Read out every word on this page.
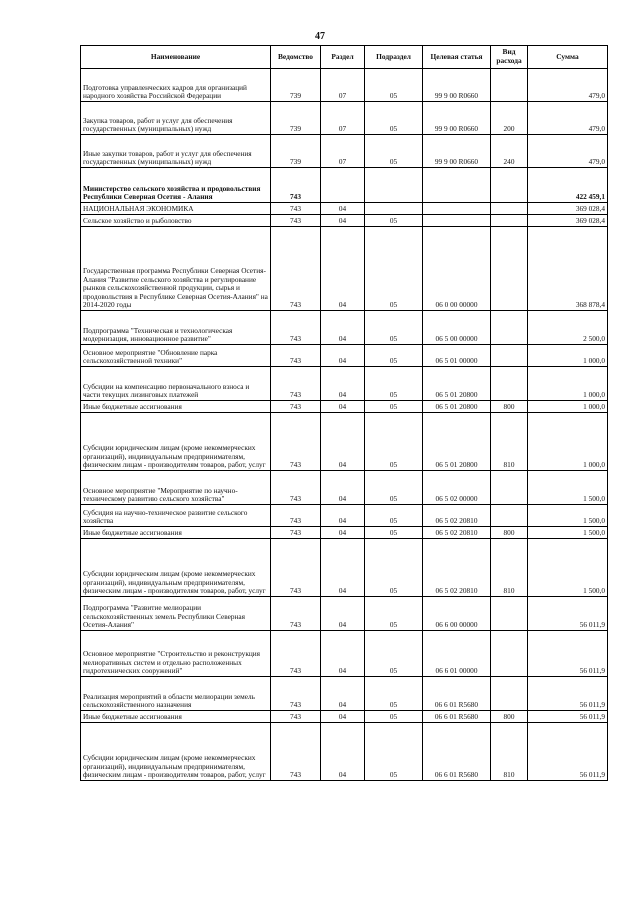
47
Наименование	Ведомство	Раздел	Подраздел	Целевая статья	Вид расхода	Сумма
Подготовка управленческих кадров для организаций народного хозяйства Российской Федерации	739	07	05	99 9 00 R0660		479,0
Закупка товаров, работ и услуг для обеспечения государственных (муниципальных) нужд	739	07	05	99 9 00 R0660	200	479,0
Иные закупки товаров, работ и услуг для обеспечения государственных (муниципальных) нужд	739	07	05	99 9 00 R0660	240	479,0
Министерство сельского хозяйства и продовольствия Республики Северная Осетия - Алания	743					422 459,1
НАЦИОНАЛЬНАЯ ЭКОНОМИКА	743	04				369 028,4
Сельское хозяйство и рыболовство	743	04	05			369 028,4
Государственная программа Республики Северная Осетия-Алания "Развитие сельского хозяйства и регулирование рынков сельскохозяйственной продукции, сырья и продовольствия в Республике Северная Осетия-Алания" на 2014-2020 годы	743	04	05	06 0 00 00000		368 878,4
Подпрограмма "Техническая и технологическая модернизация, инновационное развитие"	743	04	05	06 5 00 00000		2 500,0
Основное мероприятие "Обновление парка сельскохозяйственной техники"	743	04	05	06 5 01 00000		1 000,0
Субсидии на компенсацию первоначального взноса и части текущих лизинговых платежей	743	04	05	06 5 01 20800		1 000,0
Иные бюджетные ассигнования	743	04	05	06 5 01 20800	800	1 000,0
Субсидии юридическим лицам (кроме некоммерческих организаций), индивидуальным предпринимателям, физическим лицам - производителям товаров, работ, услуг	743	04	05	06 5 01 20800	810	1 000,0
Основное мероприятие "Мероприятие по научно-техническому развитию сельского хозяйства"	743	04	05	06 5 02 00000		1 500,0
Субсидия на научно-техническое развитие сельского хозяйства	743	04	05	06 5 02 20810		1 500,0
Иные бюджетные ассигнования	743	04	05	06 5 02 20810	800	1 500,0
Субсидии юридическим лицам (кроме некоммерческих организаций), индивидуальным предпринимателям, физическим лицам - производителям товаров, работ, услуг	743	04	05	06 5 02 20810	810	1 500,0
Подпрограмма "Развитие мелиорации сельскохозяйственных земель Республики Северная Осетия-Алания"	743	04	05	06 6 00 00000		56 011,9
Основное мероприятие "Строительство и реконструкция мелиоративных систем и отдельно расположенных гидротехнических сооружений"	743	04	05	06 6 01 00000		56 011,9
Реализация мероприятий в области мелиорации земель сельскохозяйственного назначения	743	04	05	06 6 01 R5680		56 011,9
Иные бюджетные ассигнования	743	04	05	06 6 01 R5680	800	56 011,9
Субсидии юридическим лицам (кроме некоммерческих организаций), индивидуальным предпринимателям, физическим лицам - производителям товаров, работ, услуг	743	04	05	06 6 01 R5680	810	56 011,9
